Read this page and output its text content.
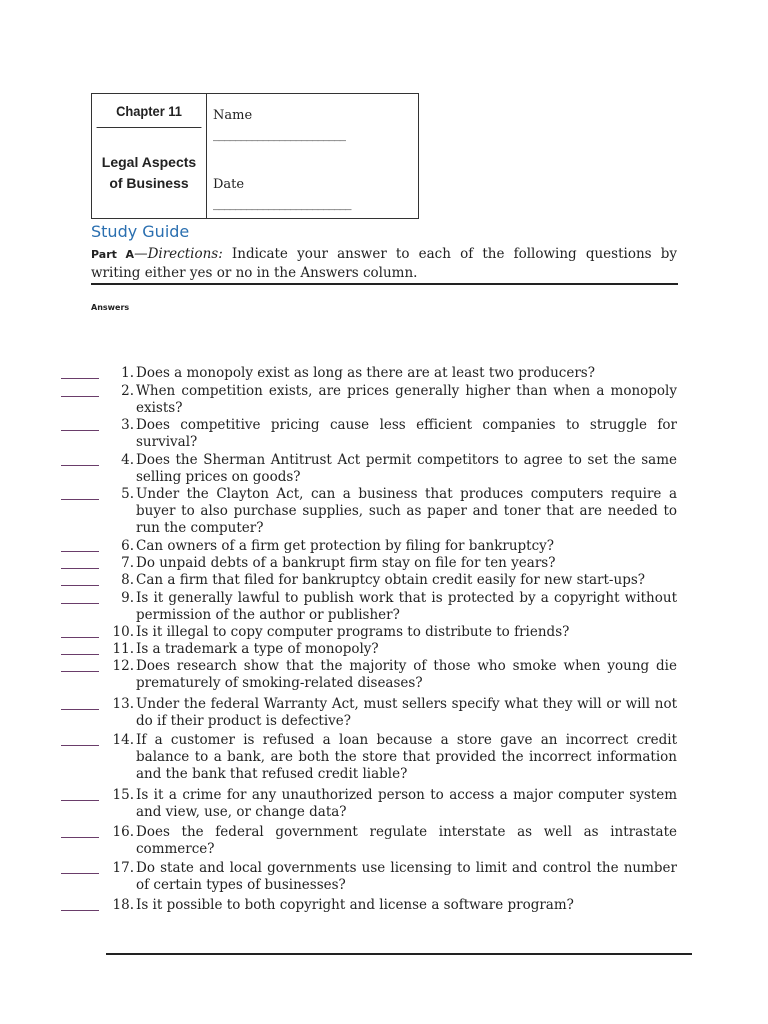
Chapter 11
Legal Aspects of Business
Name
________________________
Date
_________________________
Study Guide
Part A—Directions: Indicate your answer to each of the following questions by writing either yes or no in the Answers column.
Answers
1. Does a monopoly exist as long as there are at least two producers?
2. When competition exists, are prices generally higher than when a monopoly exists?
3. Does competitive pricing cause less efficient companies to struggle for survival?
4. Does the Sherman Antitrust Act permit competitors to agree to set the same selling prices on goods?
5. Under the Clayton Act, can a business that produces computers require a buyer to also purchase supplies, such as paper and toner that are needed to run the computer?
6. Can owners of a firm get protection by filing for bankruptcy?
7. Do unpaid debts of a bankrupt firm stay on file for ten years?
8. Can a firm that filed for bankruptcy obtain credit easily for new start-ups?
9. Is it generally lawful to publish work that is protected by a copyright without permission of the author or publisher?
10. Is it illegal to copy computer programs to distribute to friends?
11. Is a trademark a type of monopoly?
12. Does research show that the majority of those who smoke when young die prematurely of smoking-related diseases?
13. Under the federal Warranty Act, must sellers specify what they will or will not do if their product is defective?
14. If a customer is refused a loan because a store gave an incorrect credit balance to a bank, are both the store that provided the incorrect information and the bank that refused credit liable?
15. Is it a crime for any unauthorized person to access a major computer system and view, use, or change data?
16. Does the federal government regulate interstate as well as intrastate commerce?
17. Do state and local governments use licensing to limit and control the number of certain types of businesses?
18. Is it possible to both copyright and license a software program?
